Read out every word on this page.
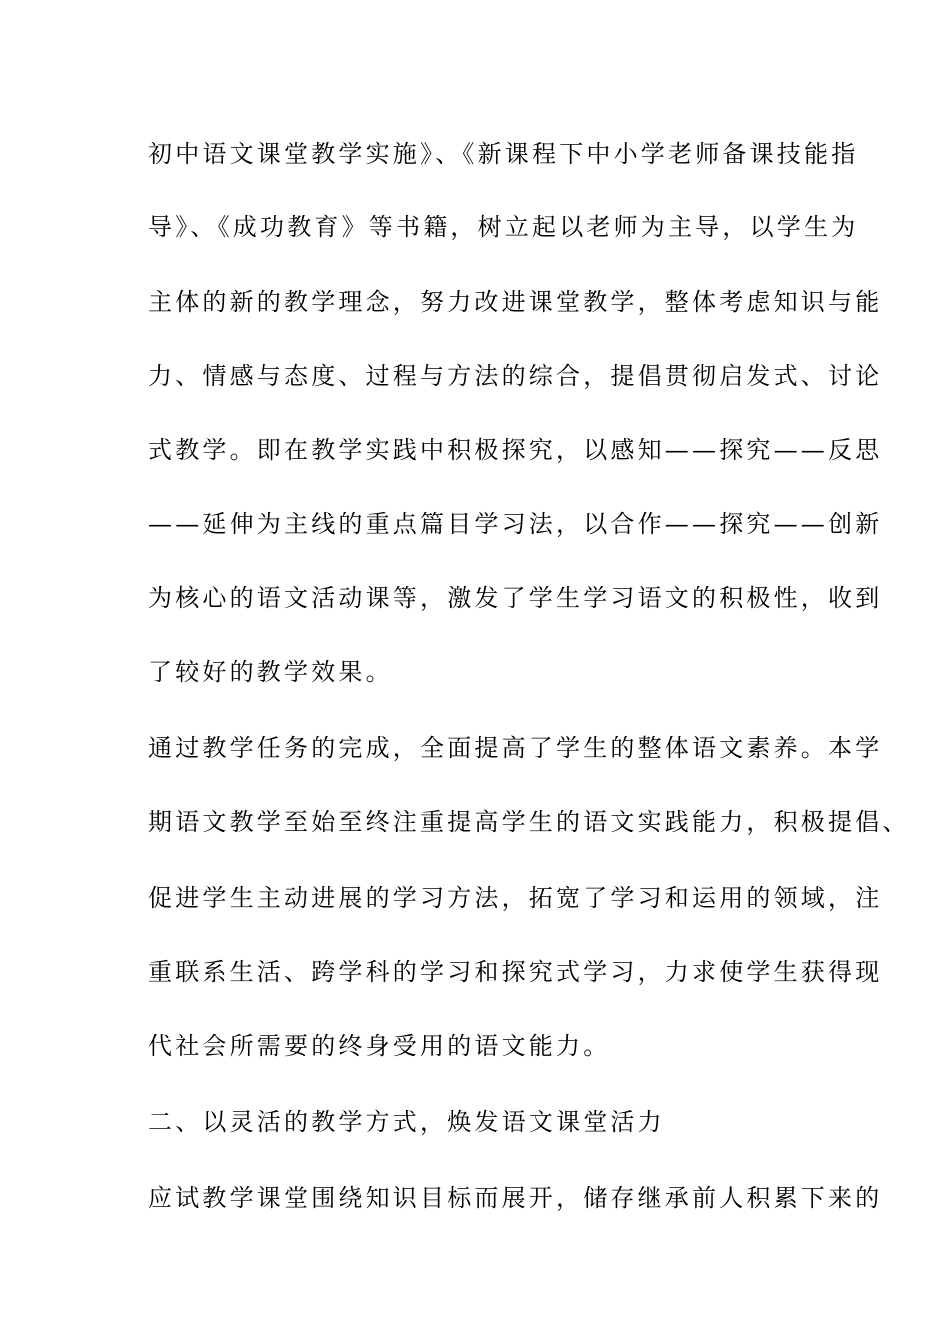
初中语文课堂教学实施》、《新课程下中小学老师备课技能指
导》、《成功教育》等书籍，树立起以老师为主导，以学生为
主体的新的教学理念，努力改进课堂教学，整体考虑知识与能
力、情感与态度、过程与方法的综合，提倡贯彻启发式、讨论
式教学。即在教学实践中积极探究，以感知——探究——反思
——延伸为主线的重点篇目学习法，以合作——探究——创新
为核心的语文活动课等，激发了学生学习语文的积极性，收到
了较好的教学效果。
通过教学任务的完成，全面提高了学生的整体语文素养。本学
期语文教学至始至终注重提高学生的语文实践能力，积极提倡、
促进学生主动进展的学习方法，拓宽了学习和运用的领域，注
重联系生活、跨学科的学习和探究式学习，力求使学生获得现
代社会所需要的终身受用的语文能力。
二、以灵活的教学方式，焕发语文课堂活力
应试教学课堂围绕知识目标而展开，储存继承前人积累下来的
